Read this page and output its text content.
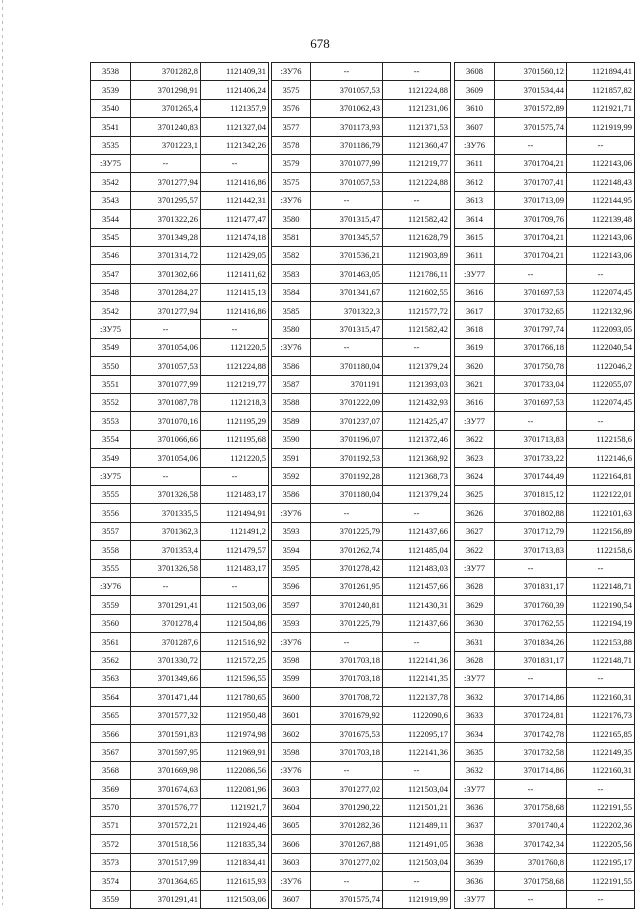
678
3538	3701282,8	1121409,31
3539	3701298,91	1121406,24
3540	3701265,4	1121357,9
3541	3701240,83	1121327,04
3535	3701223,1	1121342,26
:ЗУ75	--	--
3542	3701277,94	1121416,86
3543	3701295,57	1121442,31
3544	3701322,26	1121477,47
3545	3701349,28	1121474,18
3546	3701314,72	1121429,05
3547	3701302,66	1121411,62
3548	3701284,27	1121415,13
3542	3701277,94	1121416,86
:ЗУ75	--	--
3549	3701054,06	1121220,5
3550	3701057,53	1121224,88
3551	3701077,99	1121219,77
3552	3701087,78	1121218,3
3553	3701070,16	1121195,29
3554	3701066,66	1121195,68
3549	3701054,06	1121220,5
:ЗУ75	--	--
3555	3701326,58	1121483,17
3556	3701335,5	1121494,91
3557	3701362,3	1121491,2
3558	3701353,4	1121479,57
3555	3701326,58	1121483,17
:ЗУ76	--	--
3559	3701291,41	1121503,06
3560	3701278,4	1121504,86
3561	3701287,6	1121516,92
3562	3701330,72	1121572,25
3563	3701349,66	1121596,55
3564	3701471,44	1121780,65
3565	3701577,32	1121950,48
3566	3701591,83	1121974,98
3567	3701597,95	1121969,91
3568	3701669,98	1122086,56
3569	3701674,63	1122081,96
3570	3701576,77	1121921,7
3571	3701572,21	1121924,46
3572	3701518,56	1121835,34
3573	3701517,99	1121834,41
3574	3701364,65	1121615,93
3559	3701291,41	1121503,06
:ЗУ76	--	--
3575	3701057,53	1121224,88
3576	3701062,43	1121231,06
3577	3701173,93	1121371,53
3578	3701186,79	1121360,47
3579	3701077,99	1121219,77
3575	3701057,53	1121224,88
:ЗУ76	--	--
3580	3701315,47	1121582,42
3581	3701345,57	1121628,79
3582	3701536,21	1121903,89
3583	3701463,05	1121786,11
3584	3701341,67	1121602,55
3585	3701322,3	1121577,72
3580	3701315,47	1121582,42
:ЗУ76	--	--
3586	3701180,04	1121379,24
3587	3701191	1121393,03
3588	3701222,09	1121432,93
3589	3701237,07	1121425,47
3590	3701196,07	1121372,46
3591	3701192,53	1121368,92
3592	3701192,28	1121368,73
3586	3701180,04	1121379,24
:ЗУ76	--	--
3593	3701225,79	1121437,66
3594	3701262,74	1121485,04
3595	3701278,42	1121483,03
3596	3701261,95	1121457,66
3597	3701240,81	1121430,31
3593	3701225,79	1121437,66
:ЗУ76	--	--
3598	3701703,18	1122141,36
3599	3701703,18	1122141,35
3600	3701708,72	1122137,78
3601	3701679,92	1122090,6
3602	3701675,53	1122095,17
3598	3701703,18	1122141,36
:ЗУ76	--	--
3603	3701277,02	1121503,04
3604	3701290,22	1121501,21
3605	3701282,36	1121489,11
3606	3701267,88	1121491,05
3603	3701277,02	1121503,04
:ЗУ76	--	--
3607	3701575,74	1121919,99
3608	3701560,12	1121894,41
3609	3701534,44	1121857,82
3610	3701572,89	1121921,71
3607	3701575,74	1121919,99
:ЗУ76	--	--
3611	3701704,21	1122143,06
3612	3701707,41	1122148,43
3613	3701713,09	1122144,95
3614	3701709,76	1122139,48
3615	3701704,21	1122143,06
3611	3701704,21	1122143,06
:ЗУ77	--	--
3616	3701697,53	1122074,45
3617	3701732,65	1122132,96
3618	3701797,74	1122093,05
3619	3701766,18	1122040,54
3620	3701750,78	1122046,2
3621	3701733,04	1122055,07
3616	3701697,53	1122074,45
:ЗУ77	--	--
3622	3701713,83	1122158,6
3623	3701733,22	1122146,6
3624	3701744,49	1122164,81
3625	3701815,12	1122122,01
3626	3701802,88	1122101,63
3627	3701712,79	1122156,89
3622	3701713,83	1122158,6
:ЗУ77	--	--
3628	3701831,17	1122148,71
3629	3701760,39	1122190,54
3630	3701762,55	1122194,19
3631	3701834,26	1122153,88
3628	3701831,17	1122148,71
:ЗУ77	--	--
3632	3701714,86	1122160,31
3633	3701724,81	1122176,73
3634	3701742,78	1122165,85
3635	3701732,58	1122149,35
3632	3701714,86	1122160,31
:ЗУ77	--	--
3636	3701758,68	1122191,55
3637	3701740,4	1122202,36
3638	3701742,34	1122205,56
3639	3701760,8	1122195,17
3636	3701758,68	1122191,55
:ЗУ77	--	--
